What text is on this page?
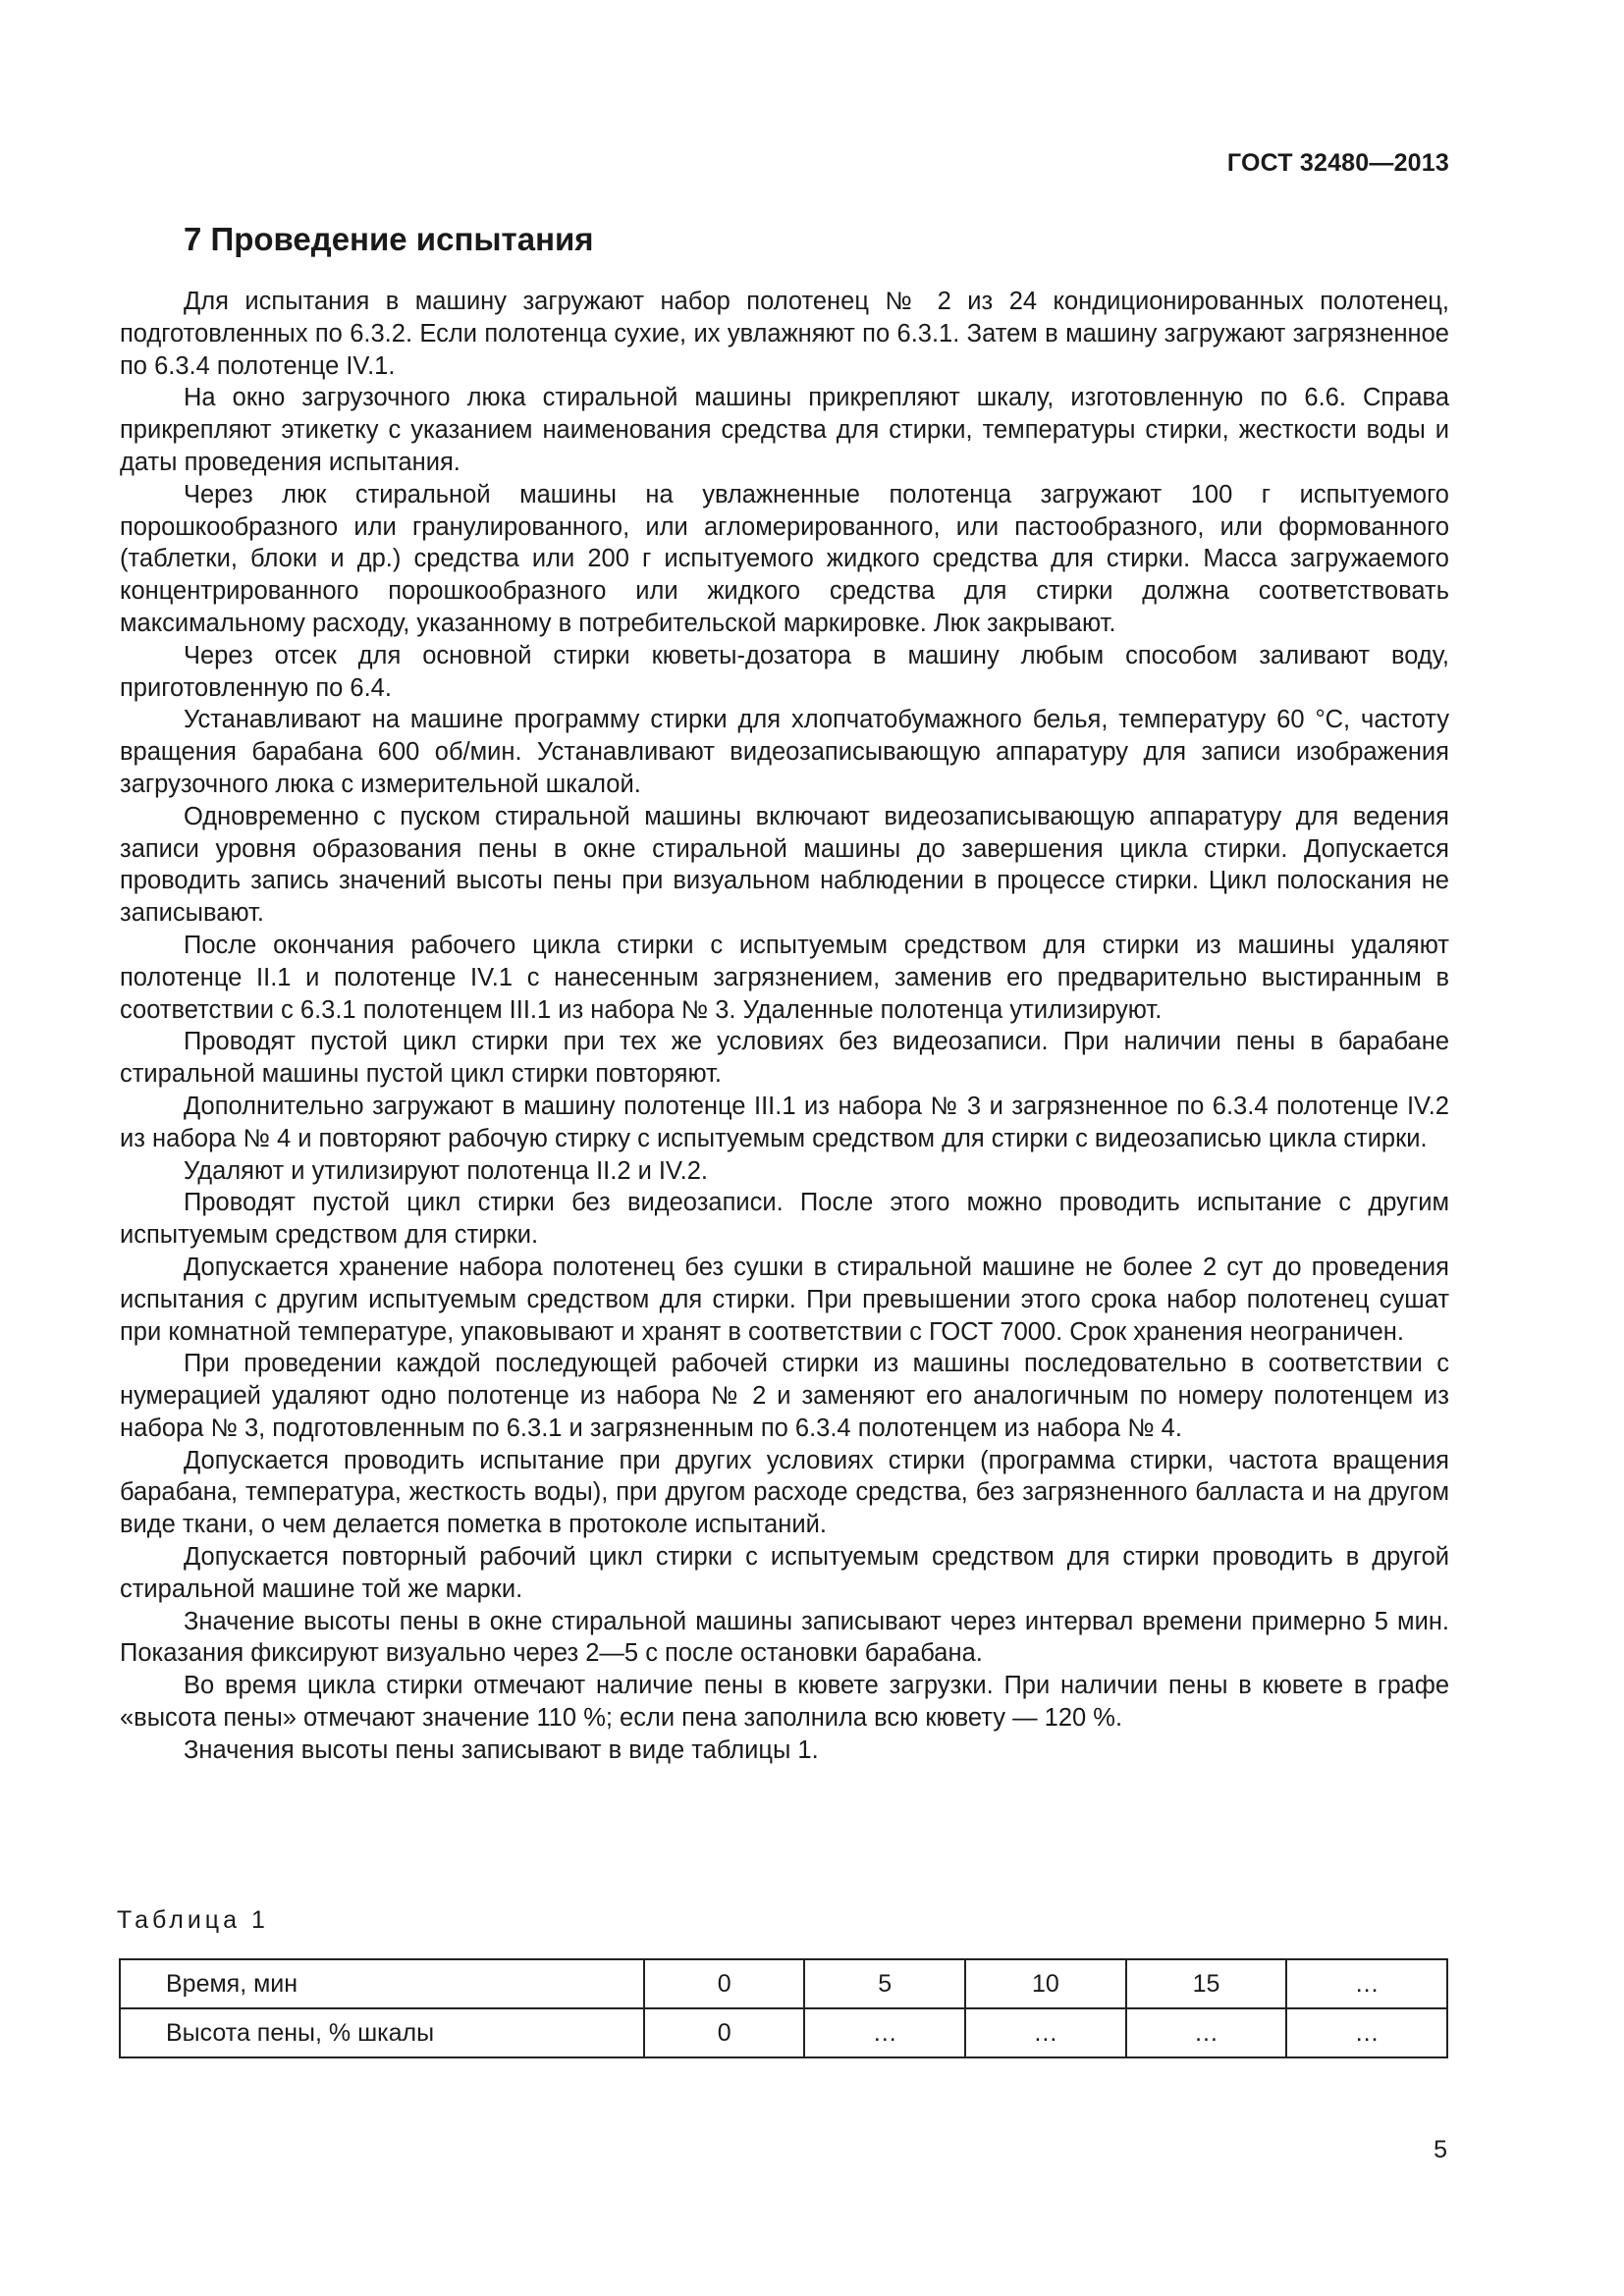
ГОСТ 32480—2013
7 Проведение испытания

Для испытания в машину загружают набор полотенец № 2 из 24 кондиционированных полотенец, подготовленных по 6.3.2. Если полотенца сухие, их увлажняют по 6.3.1. Затем в машину загружают загрязненное по 6.3.4 полотенце IV.1.

На окно загрузочного люка стиральной машины прикрепляют шкалу, изготовленную по 6.6. Справа прикрепляют этикетку с указанием наименования средства для стирки, температуры стирки, жесткости воды и даты проведения испытания.

Через люк стиральной машины на увлажненные полотенца загружают 100 г испытуемого порошкообразного или гранулированного, или агломерированного, или пастообразного, или формованного (таблетки, блоки и др.) средства или 200 г испытуемого жидкого средства для стирки. Масса загружаемого концентрированного порошкообразного или жидкого средства для стирки должна соответствовать максимальному расходу, указанному в потребительской маркировке. Люк закрывают.

Через отсек для основной стирки кюветы-дозатора в машину любым способом заливают воду, приготовленную по 6.4.

Устанавливают на машине программу стирки для хлопчатобумажного белья, температуру 60 °С, частоту вращения барабана 600 об/мин. Устанавливают видеозаписывающую аппаратуру для записи изображения загрузочного люка с измерительной шкалой.

Одновременно с пуском стиральной машины включают видеозаписывающую аппаратуру для ведения записи уровня образования пены в окне стиральной машины до завершения цикла стирки. Допускается проводить запись значений высоты пены при визуальном наблюдении в процессе стирки. Цикл полоскания не записывают.

После окончания рабочего цикла стирки с испытуемым средством для стирки из машины удаляют полотенце II.1 и полотенце IV.1 с нанесенным загрязнением, заменив его предварительно выстиранным в соответствии с 6.3.1 полотенцем III.1 из набора № 3. Удаленные полотенца утилизируют.

Проводят пустой цикл стирки при тех же условиях без видеозаписи. При наличии пены в барабане стиральной машины пустой цикл стирки повторяют.

Дополнительно загружают в машину полотенце III.1 из набора № 3 и загрязненное по 6.3.4 полотенце IV.2 из набора № 4 и повторяют рабочую стирку с испытуемым средством для стирки с видеозаписью цикла стирки.

Удаляют и утилизируют полотенца II.2 и IV.2.

Проводят пустой цикл стирки без видеозаписи. После этого можно проводить испытание с другим испытуемым средством для стирки.

Допускается хранение набора полотенец без сушки в стиральной машине не более 2 сут до проведения испытания с другим испытуемым средством для стирки. При превышении этого срока набор полотенец сушат при комнатной температуре, упаковывают и хранят в соответствии с ГОСТ 7000. Срок хранения неограничен.

При проведении каждой последующей рабочей стирки из машины последовательно в соответствии с нумерацией удаляют одно полотенце из набора № 2 и заменяют его аналогичным по номеру полотенцем из набора № 3, подготовленным по 6.3.1 и загрязненным по 6.3.4 полотенцем из набора № 4.

Допускается проводить испытание при других условиях стирки (программа стирки, частота вращения барабана, температура, жесткость воды), при другом расходе средства, без загрязненного балласта и на другом виде ткани, о чем делается пометка в протоколе испытаний.

Допускается повторный рабочий цикл стирки с испытуемым средством для стирки проводить в другой стиральной машине той же марки.

Значение высоты пены в окне стиральной машины записывают через интервал времени примерно 5 мин. Показания фиксируют визуально через 2—5 с после остановки барабана.

Во время цикла стирки отмечают наличие пены в кювете загрузки. При наличии пены в кювете в графе «высота пены» отмечают значение 110 %; если пена заполнила всю кювету — 120 %.

Значения высоты пены записывают в виде таблицы 1.

Таблица 1
Время, мин	0	5	10	15	…
Высота пены, % шкалы	0	…	…	…	…
5
